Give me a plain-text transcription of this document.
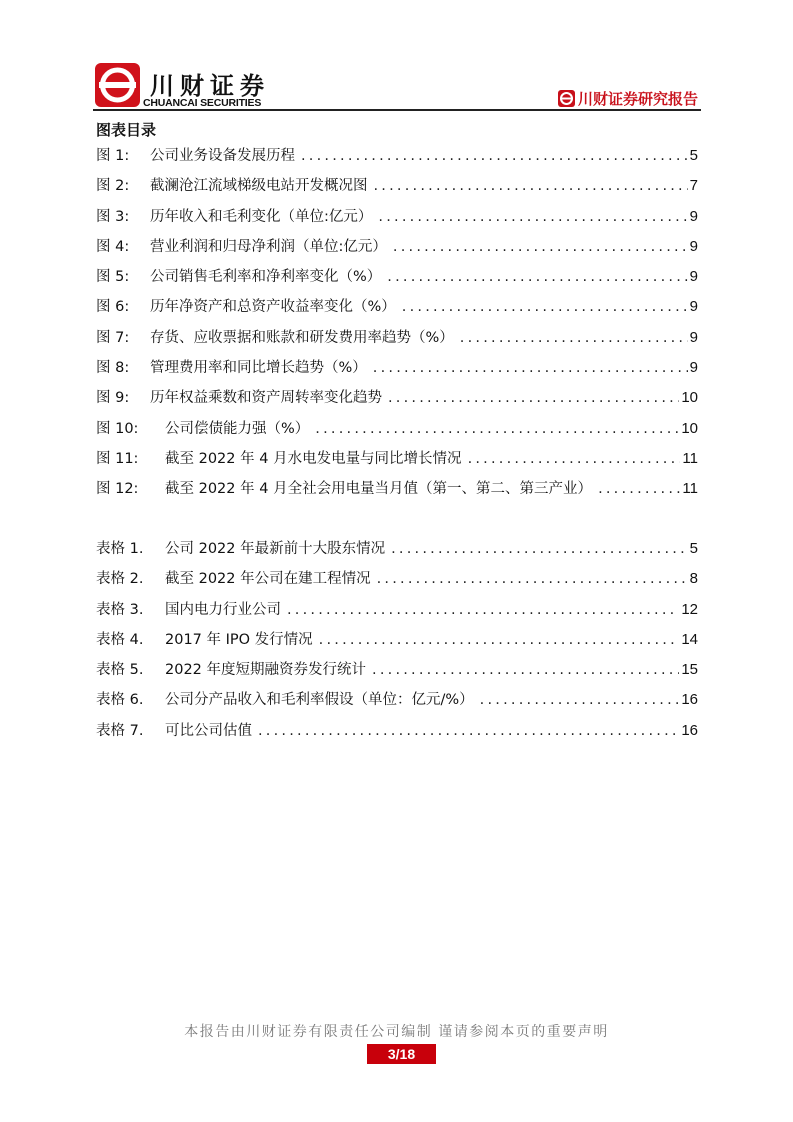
川财证券
CHUANCAI SECURITIES	川财证券研究报告
图表目录
图 1:	公司业务设备发展历程 .....	5
图 2:	截澜沧江流域梯级电站开发概况图 .....	7
图 3:	历年收入和毛利变化（单位:亿元） .....	9
图 4:	营业利润和归母净利润（单位:亿元） .....	9
图 5:	公司销售毛利率和净利率变化（%） .....	9
图 6:	历年净资产和总资产收益率变化（%） .....	9
图 7:	存货、应收票据和账款和研发费用率趋势（%） .....	9
图 8:	管理费用率和同比增长趋势（%） .....	9
图 9:	历年权益乘数和资产周转率变化趋势 .....	10
图 10:	公司偿债能力强（%） .....	10
图 11:	截至 2022 年 4 月水电发电量与同比增长情况 .....	11
图 12:	截至 2022 年 4 月全社会用电量当月值（第一、第二、第三产业） .....	11
表格 1.	公司 2022 年最新前十大股东情况 .....	5
表格 2.	截至 2022 年公司在建工程情况 .....	8
表格 3.	国内电力行业公司 .....	12
表格 4.	2017 年 IPO 发行情况 .....	14
表格 5.	2022 年度短期融资券发行统计 .....	15
表格 6.	公司分产品收入和毛利率假设（单位：亿元/%） .....	16
表格 7.	可比公司估值 .....	16
本报告由川财证券有限责任公司编制 谨请参阅本页的重要声明
3/18
